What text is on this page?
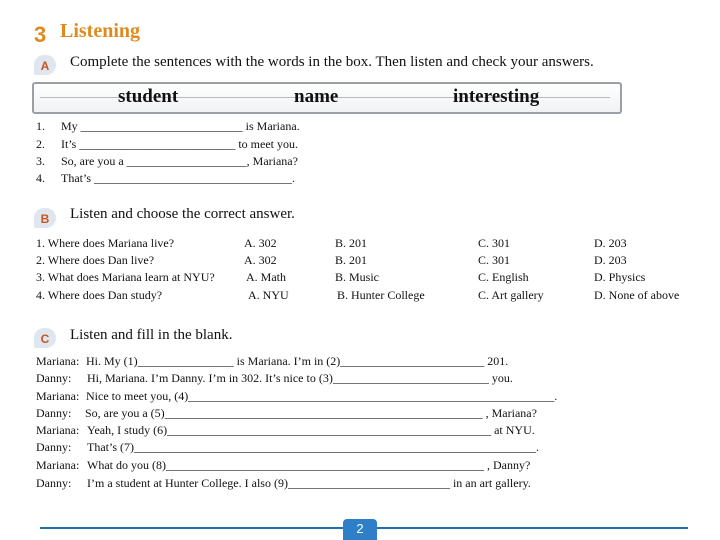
3 Listening
A	Complete the sentences with the words in the box. Then listen and check your answers.
student	name	interesting
1. My ___________________________ is Mariana.
2. It’s __________________________ to meet you.
3. So, are you a ____________________, Mariana?
4. That’s _________________________________.
B	Listen and choose the correct answer.
1. Where does Mariana live?	A. 302	B. 201	C. 301	D. 203
2. Where does Dan live?	A. 302	B. 201	C. 301	D. 203
3. What does Mariana learn at NYU?	A. Math	B. Music	C. English	D. Physics
4. Where does Dan study?	A. NYU	B. Hunter College	C. Art gallery	D. None of above
C	Listen and fill in the blank.
Mariana: Hi. My (1)________________ is Mariana. I’m in (2)________________________ 201.
Danny: Hi, Mariana. I’m Danny. I’m in 302. It’s nice to (3)__________________________ you.
Mariana: Nice to meet you, (4)_____________________________________________________________.
Danny: So, are you a (5)_____________________________________________________ , Mariana?
Mariana: Yeah, I study (6)______________________________________________________ at NYU.
Danny: That’s (7)___________________________________________________________________.
Mariana: What do you (8)_____________________________________________________ , Danny?
Danny: I’m a student at Hunter College. I also (9)___________________________ in an art gallery.
2
